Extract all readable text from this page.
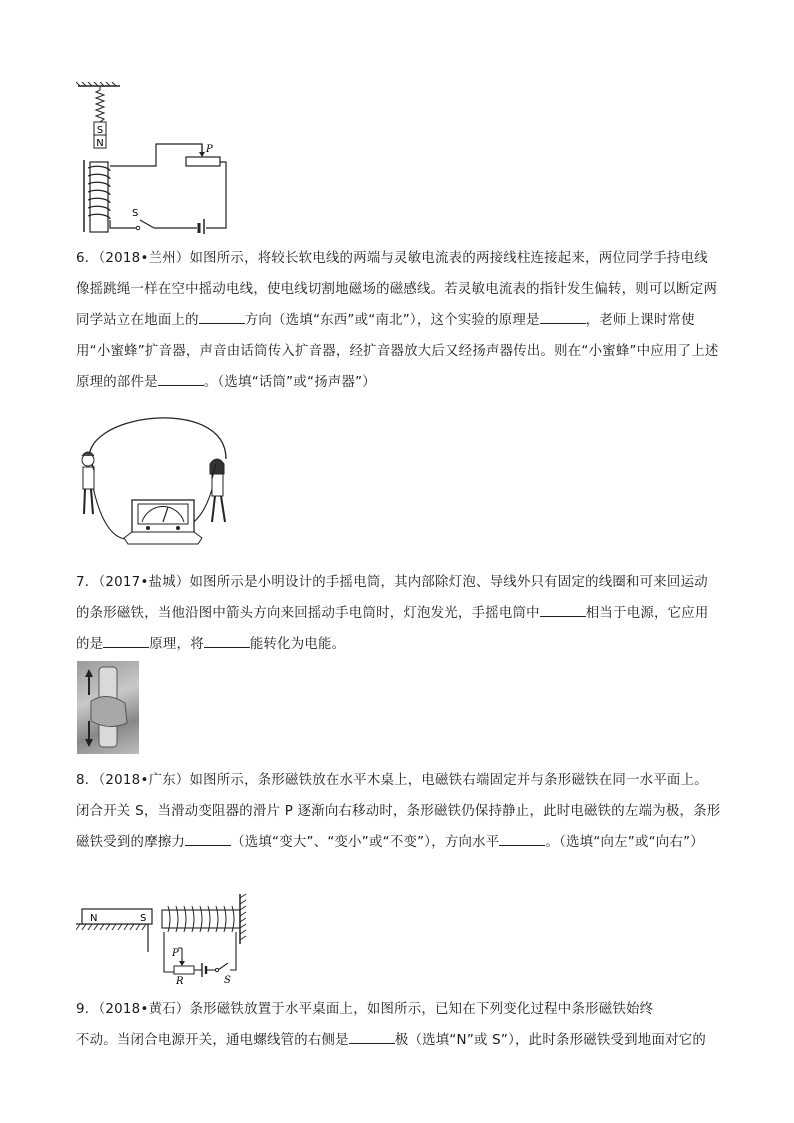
S
N
P
S
6．（2018•兰州）如图所示，将较长软电线的两端与灵敏电流表的两接线柱连接起来，两位同学手持电线像摇跳绳一样在空中摇动电线，使电线切割地磁场的磁感线。若灵敏电流表的指针发生偏转，则可以断定两同学站立在地面上的	方向（选填“东西”或“南北”），这个实验的原理是	，老师上课时常使用“小蜜蜂”扩音器，声音由话筒传入扩音器，经扩音器放大后又经扬声器传出。则在“小蜜蜂”中应用了上述原理的部件是	。（选填“话筒”或“扬声器”）
7．（2017•盐城）如图所示是小明设计的手摇电筒，其内部除灯泡、导线外只有固定的线圈和可来回运动的条形磁铁，当他沿图中箭头方向来回摇动手电筒时，灯泡发光，手摇电筒中	相当于电源，它应用的是	原理，将	能转化为电能。
8．（2018•广东）如图所示，条形磁铁放在水平木桌上，电磁铁右端固定并与条形磁铁在同一水平面上。闭合开关 S，当滑动变阻器的滑片 P 逐渐向右移动时，条形磁铁仍保持静止，此时电磁铁的左端为极，条形磁铁受到的摩擦力	（选填“变大”、“变小”或“不变”），方向水平	。（选填“向左”或“向右”）
N	S
P
R	S
9．（2018•黄石）条形磁铁放置于水平桌面上，如图所示，已知在下列变化过程中条形磁铁始终
不动。当闭合电源开关，通电螺线管的右侧是	极（选填“N”或 S”），此时条形磁铁受到地面对它的
